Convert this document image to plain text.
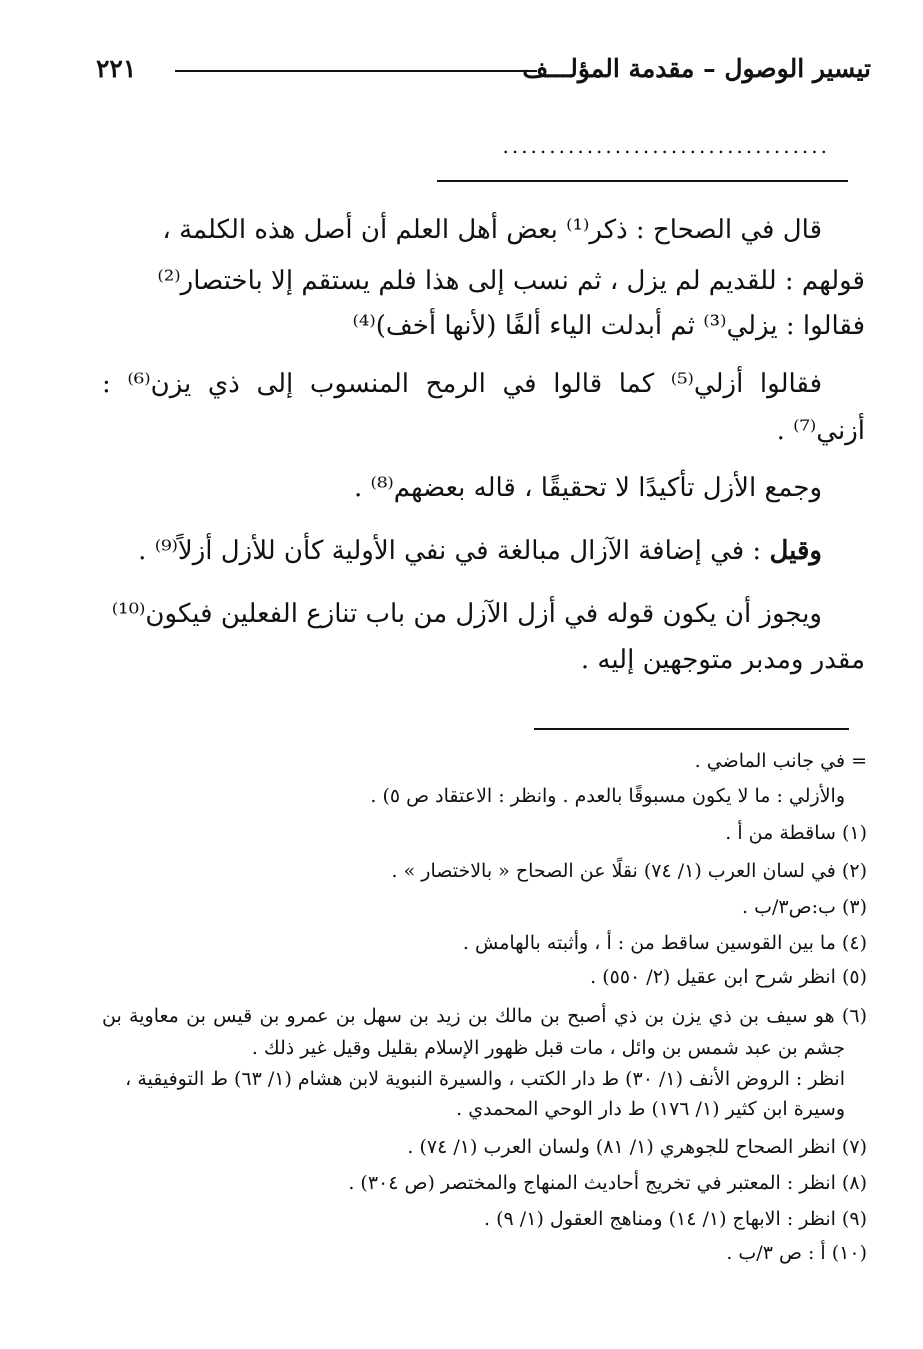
تيسير الوصول – مقدمة المؤلـــف
٢٢١
...................................
قال في الصحاح : ذكر⁽¹⁾ بعض أهل العلم أن أصل هذه الكلمة ،
قولهم : للقديم لم يزل ، ثم نسب إلى هذا فلم يستقم إلا باختصار⁽²⁾
فقالوا : يزلي⁽³⁾ ثم أبدلت الياء ألفًا (لأنها أخف)⁽⁴⁾
فقالوا أزلي⁽⁵⁾ كما قالوا في الرمح المنسوب إلى ذي يزن⁽⁶⁾ :
أزني⁽⁷⁾ .
وجمع الأزل تأكيدًا لا تحقيقًا ، قاله بعضهم⁽⁸⁾ .
وقيل : في إضافة الآزال مبالغة في نفي الأولية كأن للأزل أزلاً⁽⁹⁾ .
ويجوز أن يكون قوله في أزل الآزل من باب تنازع الفعلين فيكون⁽¹⁰⁾
مقدر ومدبر متوجهين إليه .
= في جانب الماضي .
والأزلي : ما لا يكون مسبوقًا بالعدم . وانظر : الاعتقاد ص ٥) .
(١) ساقطة من أ .
(٢) في لسان العرب (١/ ٧٤) نقلًا عن الصحاح « بالاختصار » .
(٣) ب:ص٣/ب .
(٤) ما بين القوسين ساقط من : أ ، وأثبته بالهامش .
(٥) انظر شرح ابن عقيل (٢/ ٥٥٠) .
(٦) هو سيف بن ذي يزن بن ذي أصبح بن مالك بن زيد بن سهل بن عمرو بن قيس بن معاوية بن
جشم بن عبد شمس بن وائل ، مات قبل ظهور الإسلام بقليل وقيل غير ذلك .
انظر : الروض الأنف (١/ ٣٠) ط دار الكتب ، والسيرة النبوية لابن هشام (١/ ٦٣) ط التوفيقية ،
وسيرة ابن كثير (١/ ١٧٦) ط دار الوحي المحمدي .
(٧) انظر الصحاح للجوهري (١/ ٨١) ولسان العرب (١/ ٧٤) .
(٨) انظر : المعتبر في تخريج أحاديث المنهاج والمختصر (ص ٣٠٤) .
(٩) انظر : الابهاج (١/ ١٤) ومناهج العقول (١/ ٩) .
(١٠) أ : ص ٣/ب .
